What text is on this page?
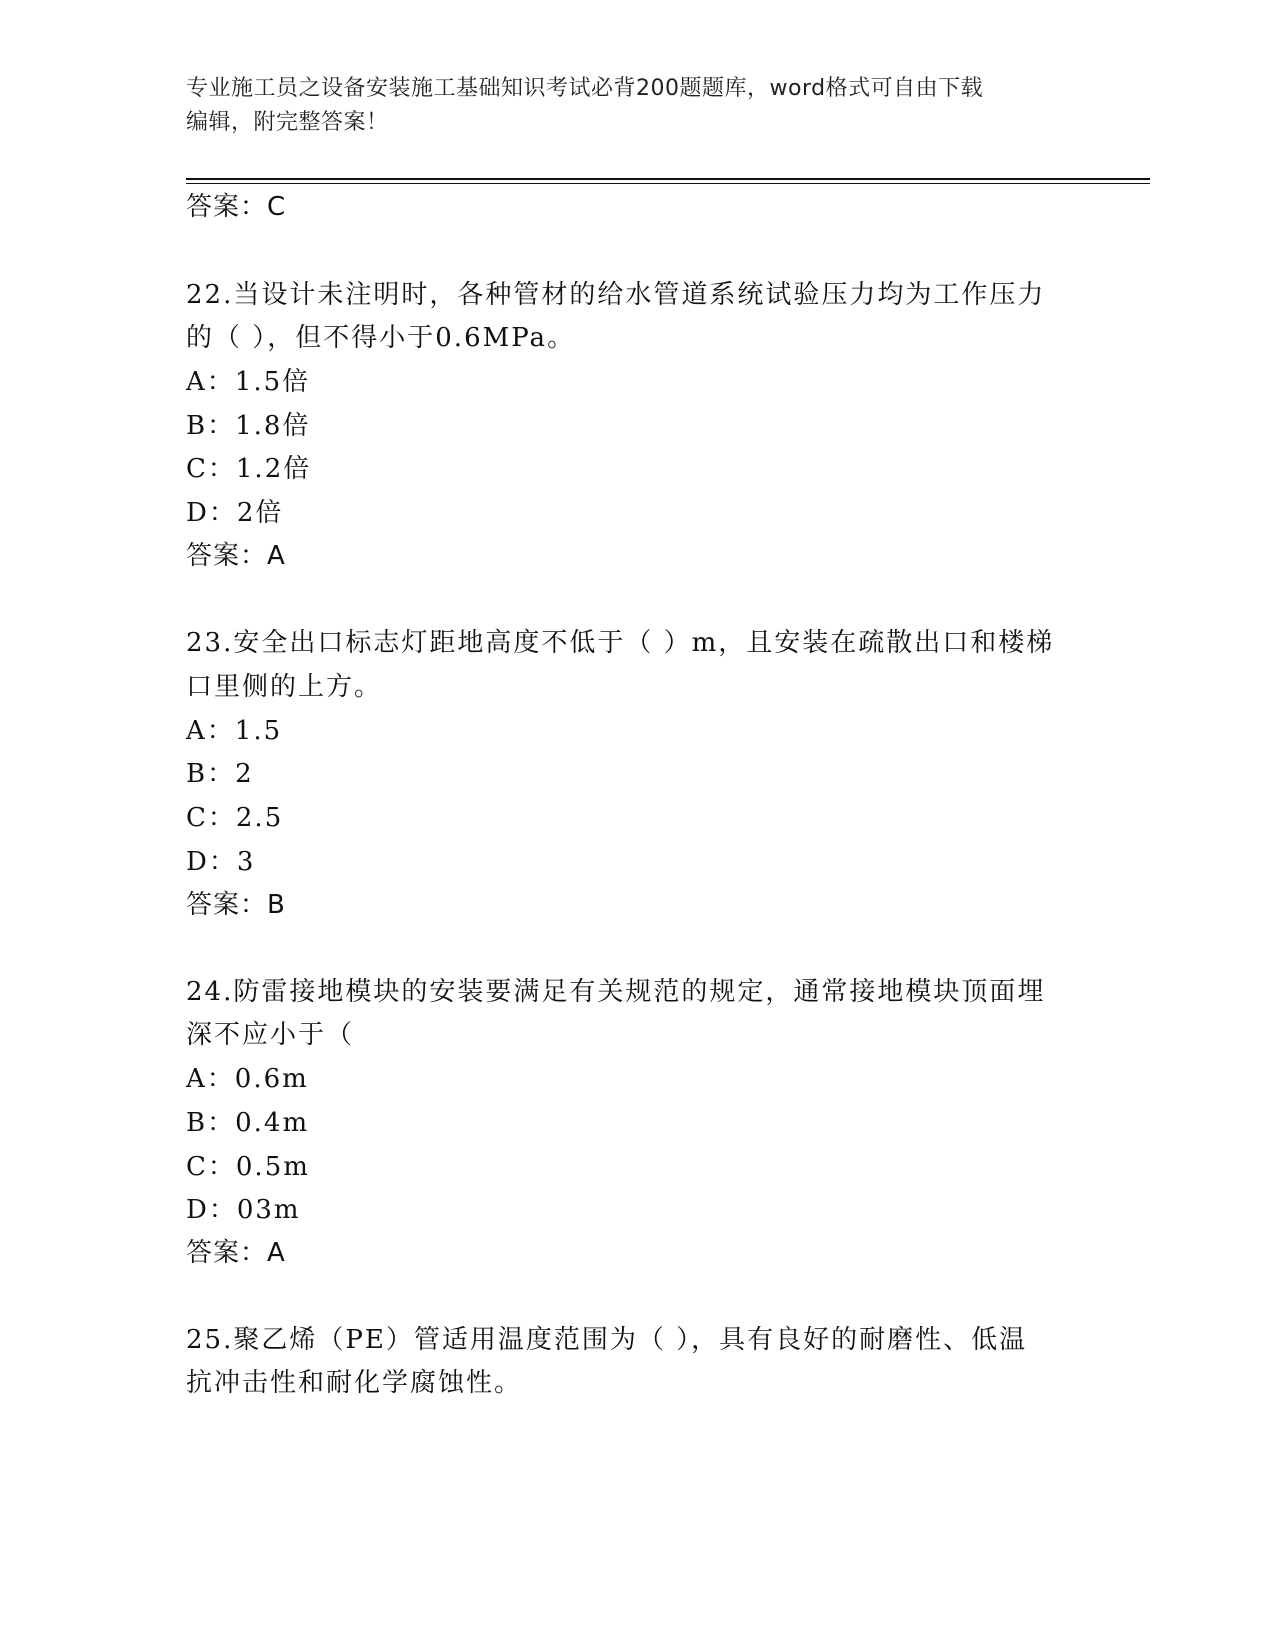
专业施工员之设备安装施工基础知识考试必背200题题库，word格式可自由下载
编辑，附完整答案！
答案：C
22.当设计未注明时，各种管材的给水管道系统试验压力均为工作压力
的（ ），但不得小于0.6MPa。
A：1.5倍
B：1.8倍
C：1.2倍
D：2倍
答案：A
23.安全出口标志灯距地高度不低于（ ）m，且安装在疏散出口和楼梯
口里侧的上方。
A：1.5
B：2
C：2.5
D：3
答案：B
24.防雷接地模块的安装要满足有关规范的规定，通常接地模块顶面埋
深不应小于（
A：0.6m
B：0.4m
C：0.5m
D：03m
答案：A
25.聚乙烯（PE）管适用温度范围为（ ），具有良好的耐磨性、低温
抗冲击性和耐化学腐蚀性。
